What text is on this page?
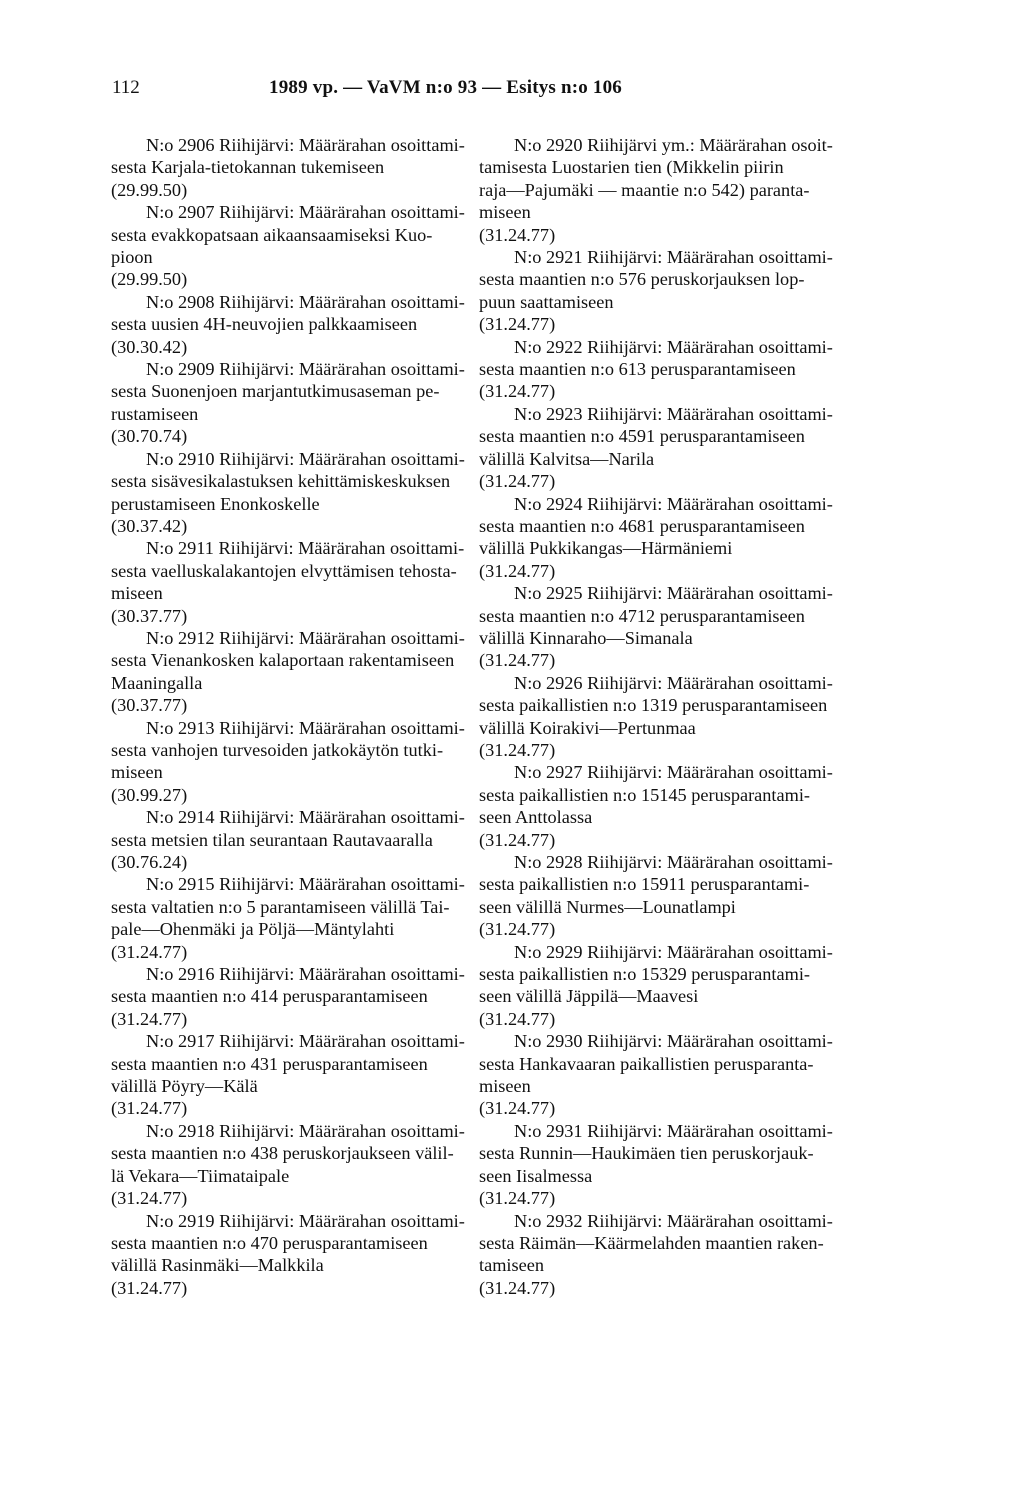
112	1989 vp. — VaVM n:o 93 — Esitys n:o 106

N:o 2906 Riihijärvi: Määrärahan osoittami-
sesta Karjala-tietokannan tukemiseen
(29.99.50)

N:o 2907 Riihijärvi: Määrärahan osoittami-
sesta evakkopatsaan aikaansaamiseksi Kuo-
pioon
(29.99.50)

N:o 2908 Riihijärvi: Määrärahan osoittami-
sesta uusien 4H-neuvojien palkkaamiseen
(30.30.42)

N:o 2909 Riihijärvi: Määrärahan osoittami-
sesta Suonenjoen marjantutkimusaseman pe-
rustamiseen
(30.70.74)

N:o 2910 Riihijärvi: Määrärahan osoittami-
sesta sisävesikalastuksen kehittämiskeskuksen
perustamiseen Enonkoskelle
(30.37.42)

N:o 2911 Riihijärvi: Määrärahan osoittami-
sesta vaelluskalakantojen elvyttämisen tehosta-
miseen
(30.37.77)

N:o 2912 Riihijärvi: Määrärahan osoittami-
sesta Vienankosken kalaportaan rakentamiseen
Maaningalla
(30.37.77)

N:o 2913 Riihijärvi: Määrärahan osoittami-
sesta vanhojen turvesoiden jatkokäytön tutki-
miseen
(30.99.27)

N:o 2914 Riihijärvi: Määrärahan osoittami-
sesta metsien tilan seurantaan Rautavaaralla
(30.76.24)

N:o 2915 Riihijärvi: Määrärahan osoittami-
sesta valtatien n:o 5 parantamiseen välillä Tai-
pale—Ohenmäki ja Pöljä—Mäntylahti
(31.24.77)

N:o 2916 Riihijärvi: Määrärahan osoittami-
sesta maantien n:o 414 perusparantamiseen
(31.24.77)

N:o 2917 Riihijärvi: Määrärahan osoittami-
sesta maantien n:o 431 perusparantamiseen
välillä Pöyry—Kälä
(31.24.77)

N:o 2918 Riihijärvi: Määrärahan osoittami-
sesta maantien n:o 438 peruskorjaukseen välil-
lä Vekara—Tiimataipale
(31.24.77)

N:o 2919 Riihijärvi: Määrärahan osoittami-
sesta maantien n:o 470 perusparantamiseen
välillä Rasinmäki—Malkkila
(31.24.77)

N:o 2920 Riihijärvi ym.: Määrärahan osoit-
tamisesta Luostarien tien (Mikkelin piirin
raja—Pajumäki — maantie n:o 542) paranta-
miseen
(31.24.77)

N:o 2921 Riihijärvi: Määrärahan osoittami-
sesta maantien n:o 576 peruskorjauksen lop-
puun saattamiseen
(31.24.77)

N:o 2922 Riihijärvi: Määrärahan osoittami-
sesta maantien n:o 613 perusparantamiseen
(31.24.77)

N:o 2923 Riihijärvi: Määrärahan osoittami-
sesta maantien n:o 4591 perusparantamiseen
välillä Kalvitsa—Narila
(31.24.77)

N:o 2924 Riihijärvi: Määrärahan osoittami-
sesta maantien n:o 4681 perusparantamiseen
välillä Pukkikangas—Härmäniemi
(31.24.77)

N:o 2925 Riihijärvi: Määrärahan osoittami-
sesta maantien n:o 4712 perusparantamiseen
välillä Kinnaraho—Simanala
(31.24.77)

N:o 2926 Riihijärvi: Määrärahan osoittami-
sesta paikallistien n:o 1319 perusparantamiseen
välillä Koirakivi—Pertunmaa
(31.24.77)

N:o 2927 Riihijärvi: Määrärahan osoittami-
sesta paikallistien n:o 15145 perusparantami-
seen Anttolassa
(31.24.77)

N:o 2928 Riihijärvi: Määrärahan osoittami-
sesta paikallistien n:o 15911 perusparantami-
seen välillä Nurmes—Lounatlampi
(31.24.77)

N:o 2929 Riihijärvi: Määrärahan osoittami-
sesta paikallistien n:o 15329 perusparantami-
seen välillä Jäppilä—Maavesi
(31.24.77)

N:o 2930 Riihijärvi: Määrärahan osoittami-
sesta Hankavaaran paikallistien perusparanta-
miseen
(31.24.77)

N:o 2931 Riihijärvi: Määrärahan osoittami-
sesta Runnin—Haukimäen tien peruskorjauk-
seen Iisalmessa
(31.24.77)

N:o 2932 Riihijärvi: Määrärahan osoittami-
sesta Räimän—Käärmelahden maantien raken-
tamiseen
(31.24.77)
